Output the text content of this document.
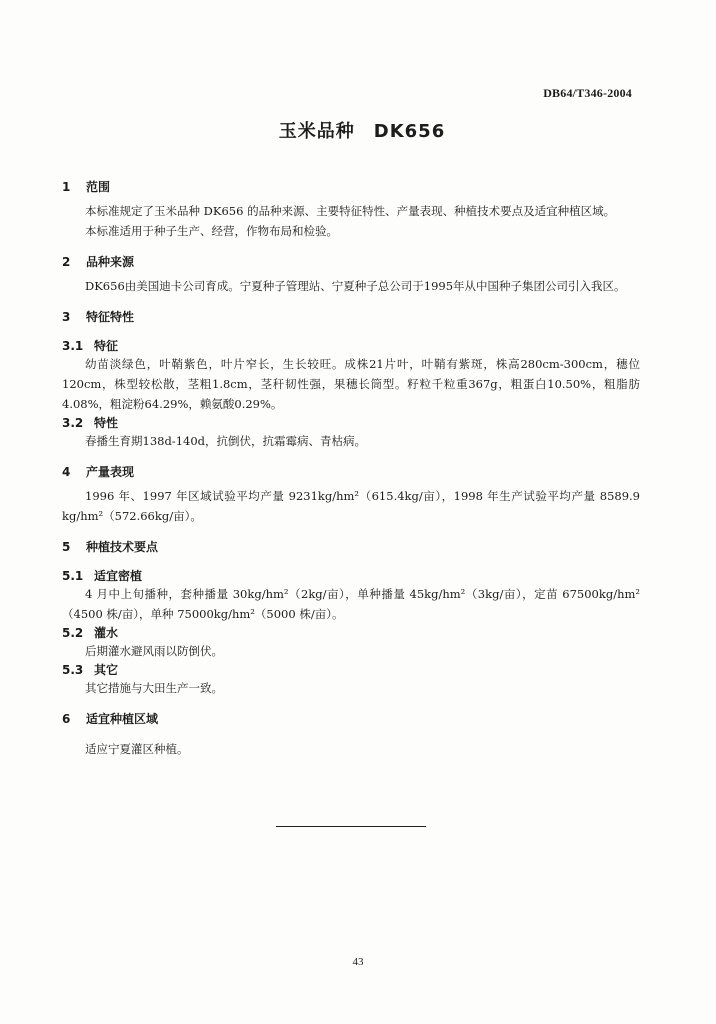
DB64/T346-2004
玉米品种　DK656
1 范围

本标准规定了玉米品种 DK656 的品种来源、主要特征特性、产量表现、种植技术要点及适宜种植区域。

本标准适用于种子生产、经营，作物布局和检验。

2 品种来源

DK656由美国迪卡公司育成。宁夏种子管理站、宁夏种子总公司于1995年从中国种子集团公司引入我区。

3 特征特性
3.1 特征

幼苗淡绿色，叶鞘紫色，叶片窄长，生长较旺。成株21片叶，叶鞘有紫斑，株高280cm-300cm，穗位120cm，株型较松散，茎粗1.8cm，茎秆韧性强，果穗长筒型。籽粒千粒重367g，粗蛋白10.50%，粗脂肪4.08%，粗淀粉64.29%，赖氨酸0.29%。

3.2 特性

春播生育期138d-140d，抗倒伏，抗霜霉病、青枯病。

4 产量表现

1996 年、1997 年区域试验平均产量 9231kg/hm²（615.4kg/亩），1998 年生产试验平均产量 8589.9 kg/hm²（572.66kg/亩）。

5 种植技术要点
5.1 适宜密植

4 月中上旬播种，套种播量 30kg/hm²（2kg/亩），单种播量 45kg/hm²（3kg/亩），定苗 67500kg/hm²（4500 株/亩），单种 75000kg/hm²（5000 株/亩）。

5.2 灌水

后期灌水避风雨以防倒伏。

5.3 其它

其它措施与大田生产一致。

6 适宜种植区域

适应宁夏灌区种植。

43
